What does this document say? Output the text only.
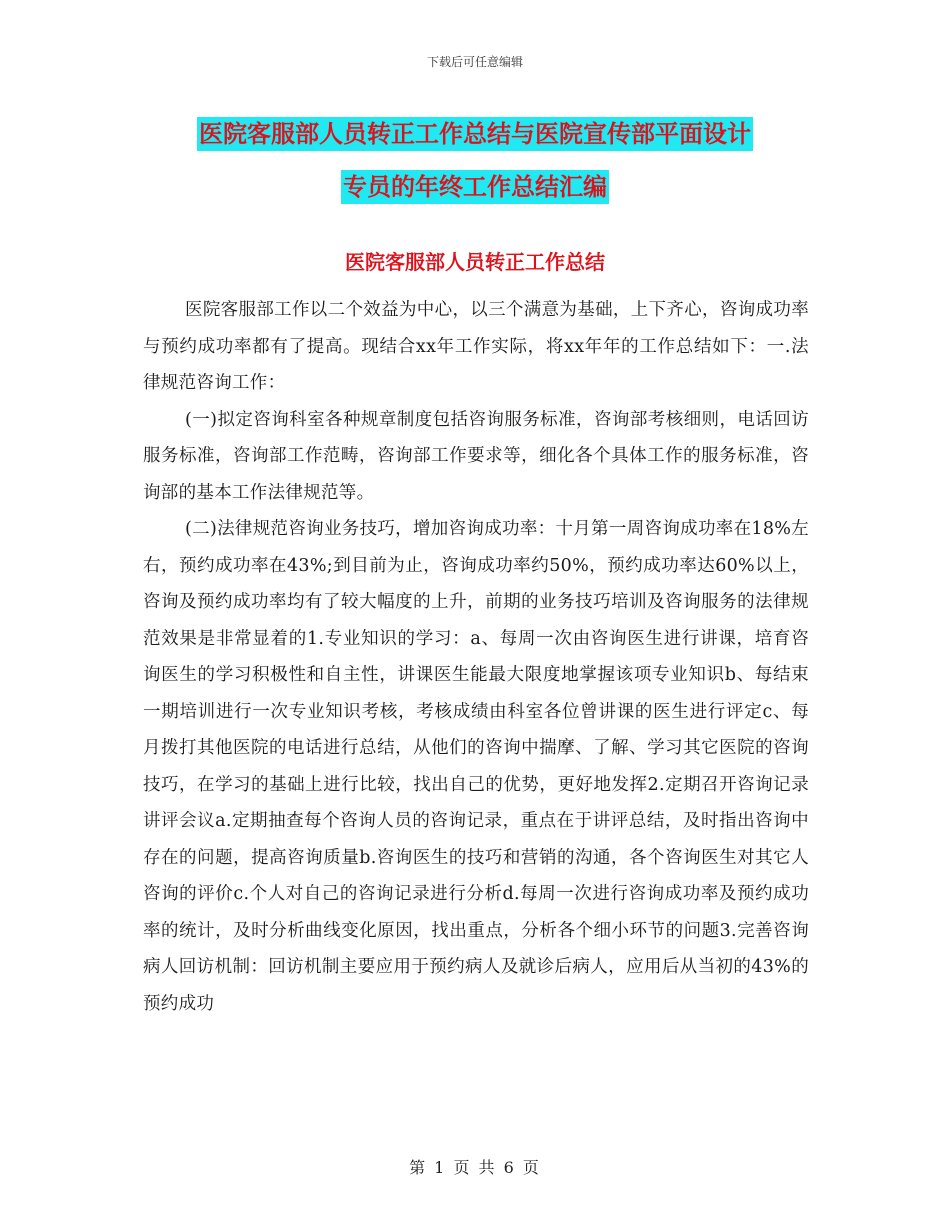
下载后可任意编辑
医院客服部人员转正工作总结与医院宣传部平面设计
专员的年终工作总结汇编
医院客服部人员转正工作总结

医院客服部工作以二个效益为中心，以三个满意为基础，上下齐心，咨询成功率与预约成功率都有了提高。现结合xx年工作实际，将xx年年的工作总结如下：一.法律规范咨询工作：

(一)拟定咨询科室各种规章制度包括咨询服务标准，咨询部考核细则，电话回访服务标准，咨询部工作范畴，咨询部工作要求等，细化各个具体工作的服务标准，咨询部的基本工作法律规范等。

(二)法律规范咨询业务技巧，增加咨询成功率：十月第一周咨询成功率在18%左右，预约成功率在43%;到目前为止，咨询成功率约50%，预约成功率达60%以上，咨询及预约成功率均有了较大幅度的上升，前期的业务技巧培训及咨询服务的法律规范效果是非常显着的1.专业知识的学习：a、每周一次由咨询医生进行讲课，培育咨询医生的学习积极性和自主性，讲课医生能最大限度地掌握该项专业知识b、每结束一期培训进行一次专业知识考核，考核成绩由科室各位曾讲课的医生进行评定c、每月拨打其他医院的电话进行总结，从他们的咨询中揣摩、了解、学习其它医院的咨询技巧，在学习的基础上进行比较，找出自己的优势，更好地发挥2.定期召开咨询记录讲评会议a.定期抽查每个咨询人员的咨询记录，重点在于讲评总结，及时指出咨询中存在的问题，提高咨询质量b.咨询医生的技巧和营销的沟通，各个咨询医生对其它人咨询的评价c.个人对自己的咨询记录进行分析d.每周一次进行咨询成功率及预约成功率的统计，及时分析曲线变化原因，找出重点，分析各个细小环节的问题3.完善咨询病人回访机制：回访机制主要应用于预约病人及就诊后病人，应用后从当初的43%的预约成功

第 1 页 共 6 页
